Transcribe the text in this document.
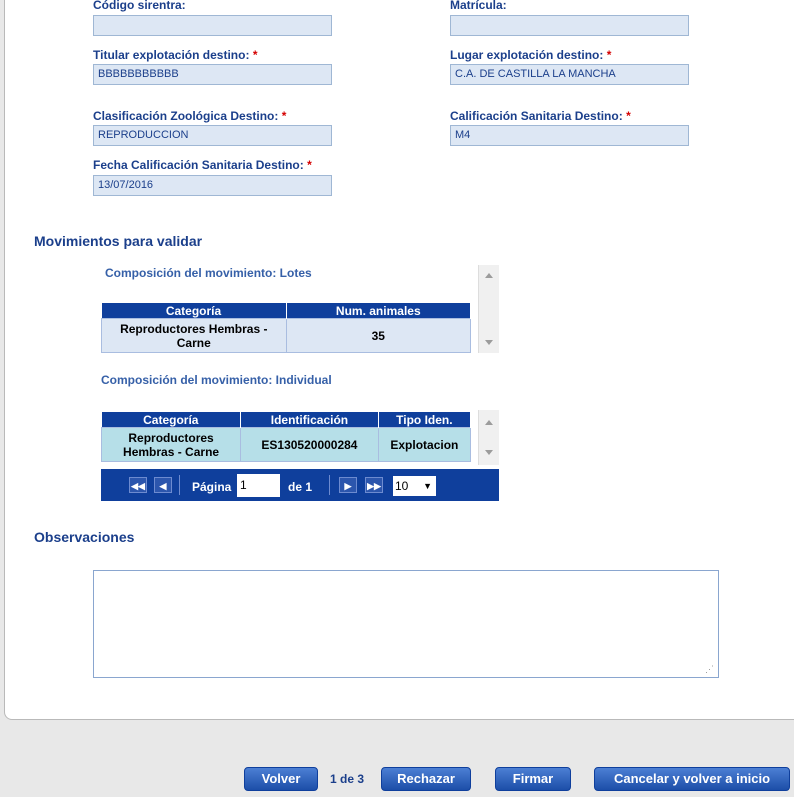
Código sirentra:	Matrícula:
Titular explotación destino: *
BBBBBBBBBBB
Lugar explotación destino: *
C.A. DE CASTILLA LA MANCHA
Clasificación Zoológica Destino: *
REPRODUCCION
Calificación Sanitaria Destino: *
M4
Fecha Calificación Sanitaria Destino: *
13/07/2016
Movimientos para validar
Composición del movimiento: Lotes
Categoría	Num. animales
Reproductores Hembras - Carne	35
Composición del movimiento: Individual
Categoría	Identificación	Tipo Iden.
Reproductores Hembras - Carne	ES130520000284	Explotacion
◀◀	◀	Página 1	de 1	▶	▶▶ 10 ▼
Observaciones
⋰
Volver	1 de 3	Rechazar	Firmar	Cancelar y volver a inicio
